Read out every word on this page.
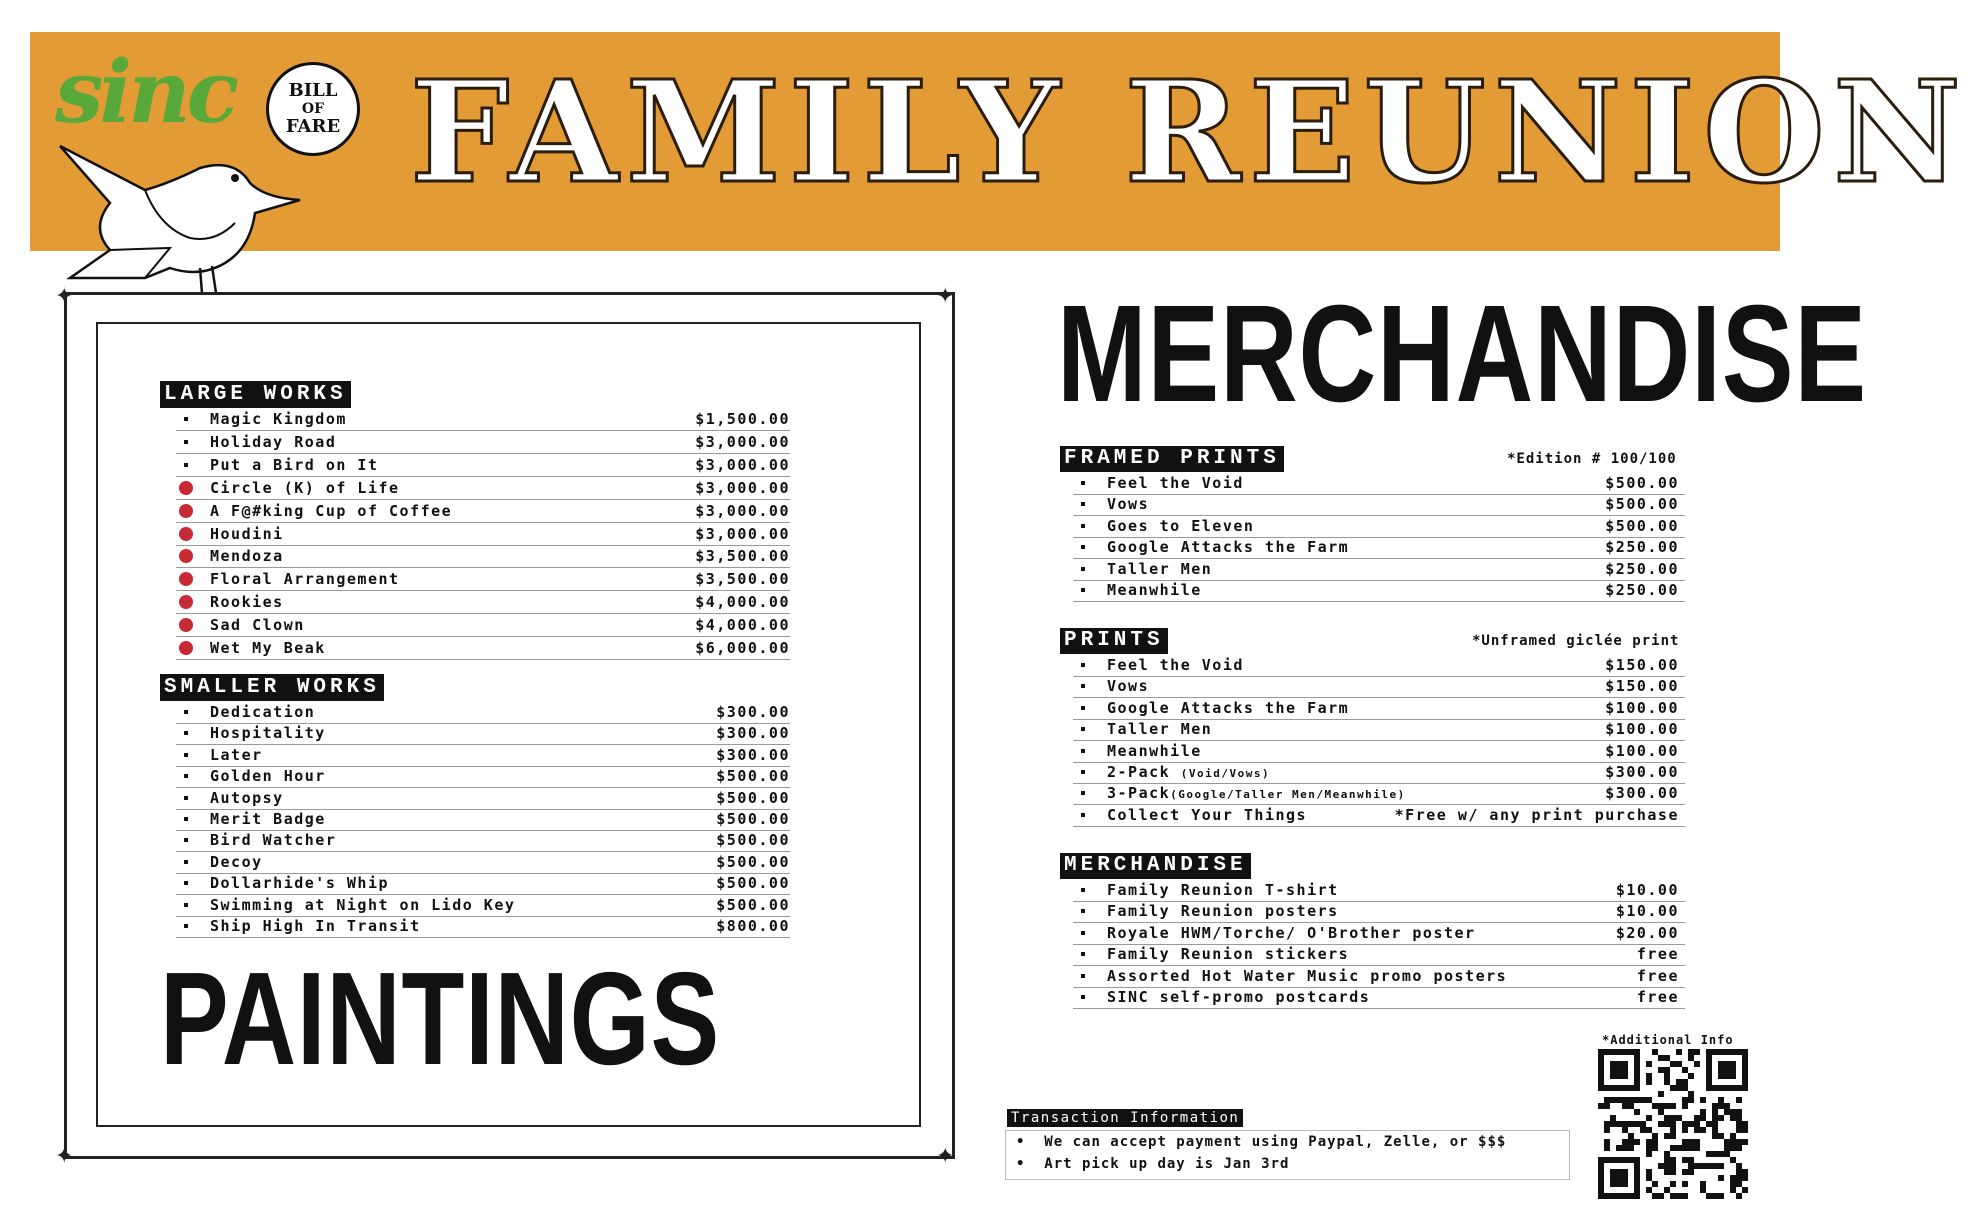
sinc	BILL
OF
FARE FAMILY REUNION
✦	✦
✦	✦
LARGE WORKS
Magic Kingdom	$1,500.00
Holiday Road	$3,000.00
Put a Bird on It	$3,000.00
Circle (K) of Life	$3,000.00
A F@#king Cup of Coffee	$3,000.00
Houdini	$3,000.00
Mendoza	$3,500.00
Floral Arrangement	$3,500.00
Rookies	$4,000.00
Sad Clown	$4,000.00
Wet My Beak	$6,000.00
SMALLER WORKS
Dedication	$300.00
Hospitality	$300.00
Later	$300.00
Golden Hour	$500.00
Autopsy	$500.00
Merit Badge	$500.00
Bird Watcher	$500.00
Decoy	$500.00
Dollarhide's Whip	$500.00
Swimming at Night on Lido Key	$500.00
Ship High In Transit	$800.00
PAINTINGS
MERCHANDISE
FRAMED PRINTS	*Edition # 100/100
Feel the Void	$500.00
Vows	$500.00
Goes to Eleven	$500.00
Google Attacks the Farm	$250.00
Taller Men	$250.00
Meanwhile	$250.00
PRINTS	*Unframed giclée print
Feel the Void	$150.00
Vows	$150.00
Google Attacks the Farm	$100.00
Taller Men	$100.00
Meanwhile	$100.00
2-Pack (Void/Vows)	$300.00
3-Pack(Google/Taller Men/Meanwhile)	$300.00
Collect Your Things	*Free w/ any print purchase
MERCHANDISE
Family Reunion T-shirt	$10.00
Family Reunion posters	$10.00
Royale HWM/Torche/ O'Brother poster	$20.00
Family Reunion stickers	free
Assorted Hot Water Music promo posters	free
SINC self-promo postcards	free
Transaction Information
•  We can accept payment using Paypal, Zelle, or $$$
•  Art pick up day is Jan 3rd
*Additional Info
